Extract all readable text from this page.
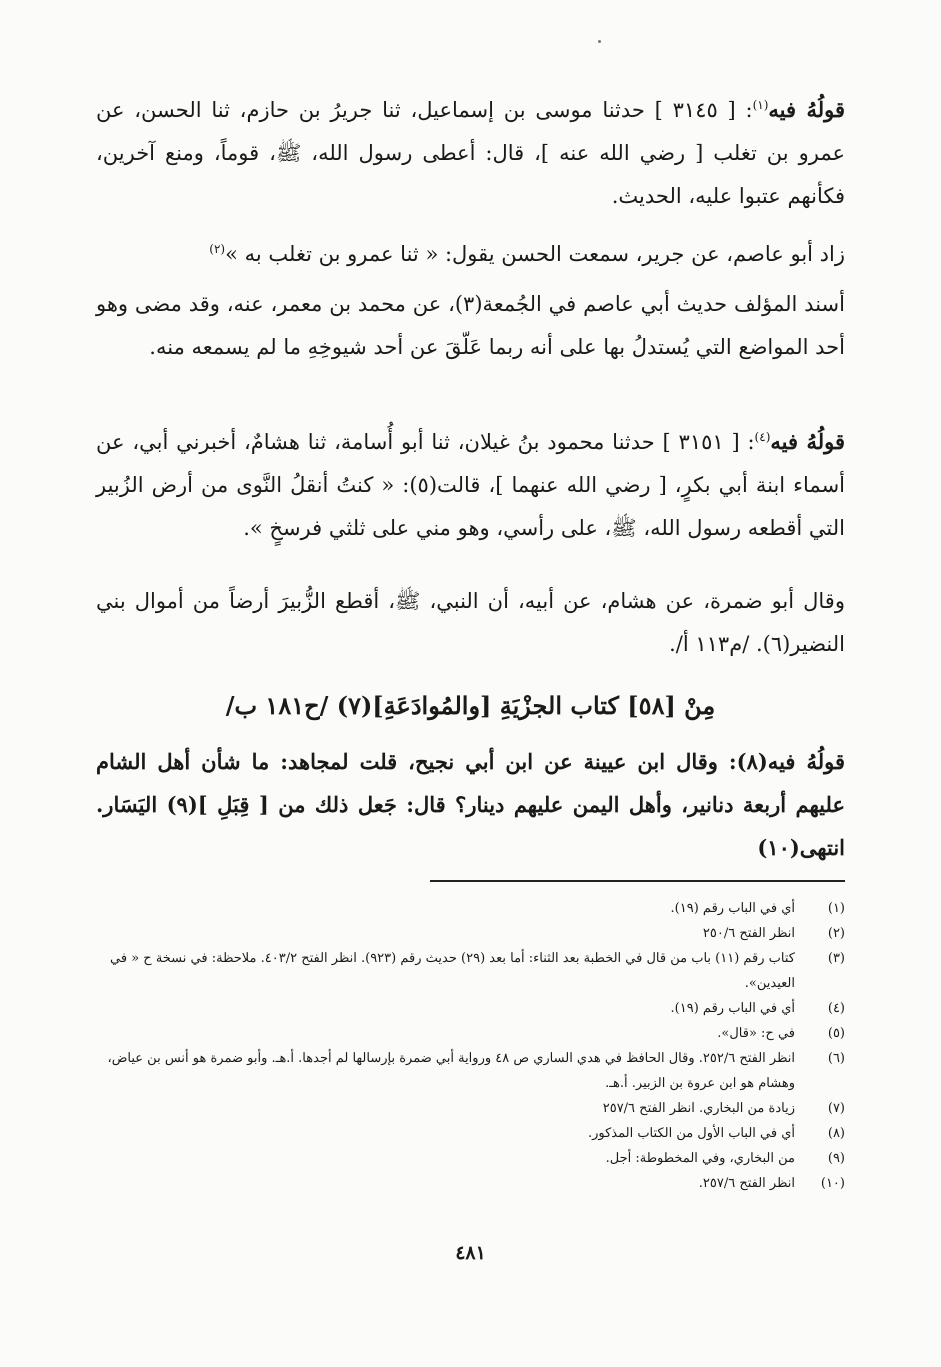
قولُهُ فيه$^{(١)}$: [ ٣١٤٥ ] حدثنا موسى بن إسماعيل، ثنا جريرُ بن حازم، ثنا الحسن، عن عمرو بن تغلب [ رضي الله عنه ]، قال: أعطى رسول الله، ﷺ، قوماً، ومنع آخرين، فكأنهم عتبوا عليه، الحديث.
زاد أبو عاصم، عن جرير، سمعت الحسن يقول: « ثنا عمرو بن تغلب به »$^{(٢)}$
أسند المؤلف حديث أبي عاصم في الجُمعة(٣)، عن محمد بن معمر، عنه، وقد مضى وهو أحد المواضع التي يُستدلُ بها على أنه ربما عَلّقَ عن أحد شيوخِهِ ما لم يسمعه منه.
قولُهُ فيه$^{(٤)}$: [ ٣١٥١ ] حدثنا محمود بنُ غيلان، ثنا أبو أُسامة، ثنا هشامٌ، أخبرني أبي، عن أسماء ابنة أبي بكرٍ، [ رضي الله عنهما ]، قالت(٥): « كنتُ أنقلُ النَّوى من أرض الزُبير التي أقطعه رسول الله، ﷺ، على رأسي، وهو مني على ثلثي فرسخٍ ».
وقال أبو ضمرة، عن هشام، عن أبيه، أن النبي، ﷺ، أقطع الزُّبيرَ أرضاً من أموال بني النضير(٦). /م١١٣ أ/.
مِنْ [٥٨] كتاب الجزْيَةِ [والمُوادَعَةِ](٧) /ح١٨١ ب/
قولُهُ فيه(٨): وقال ابن عيينة عن ابن أبي نجيح، قلت لمجاهد: ما شأن أهل الشام عليهم أربعة دنانير، وأهل اليمن عليهم دينار؟ قال: جَعل ذلك من [ قِبَلِ ](٩) اليَسَار. انتهى(١٠)
(١)
أي في الباب رقم (١٩).
(٢)
انظر الفتح ٢٥٠/٦
(٣)
كتاب رقم (١١) باب من قال في الخطبة بعد الثناء: أما بعد (٢٩) حديث رقم (٩٢٣). انظر الفتح ٤٠٣/٢. ملاحظة: في نسخة ح « في العيدين».
(٤)
أي في الباب رقم (١٩).
(٥)
في ح: «قال».
(٦)
انظر الفتح ٢٥٢/٦. وقال الحافظ في هدي الساري ص ٤٨ ورواية أبي ضمرة بإرسالها لم أجدها. أ.هـ. وأبو ضمرة هو أنس بن عياض، وهشام هو ابن عروة بن الزبير. أ.هـ.
(٧)
زيادة من البخاري. انظر الفتح ٢٥٧/٦
(٨)
أي في الباب الأول من الكتاب المذكور.
(٩)
من البخاري، وفي المخطوطة: أجل.
(١٠)
انظر الفتح ٢٥٧/٦.
٤٨١
